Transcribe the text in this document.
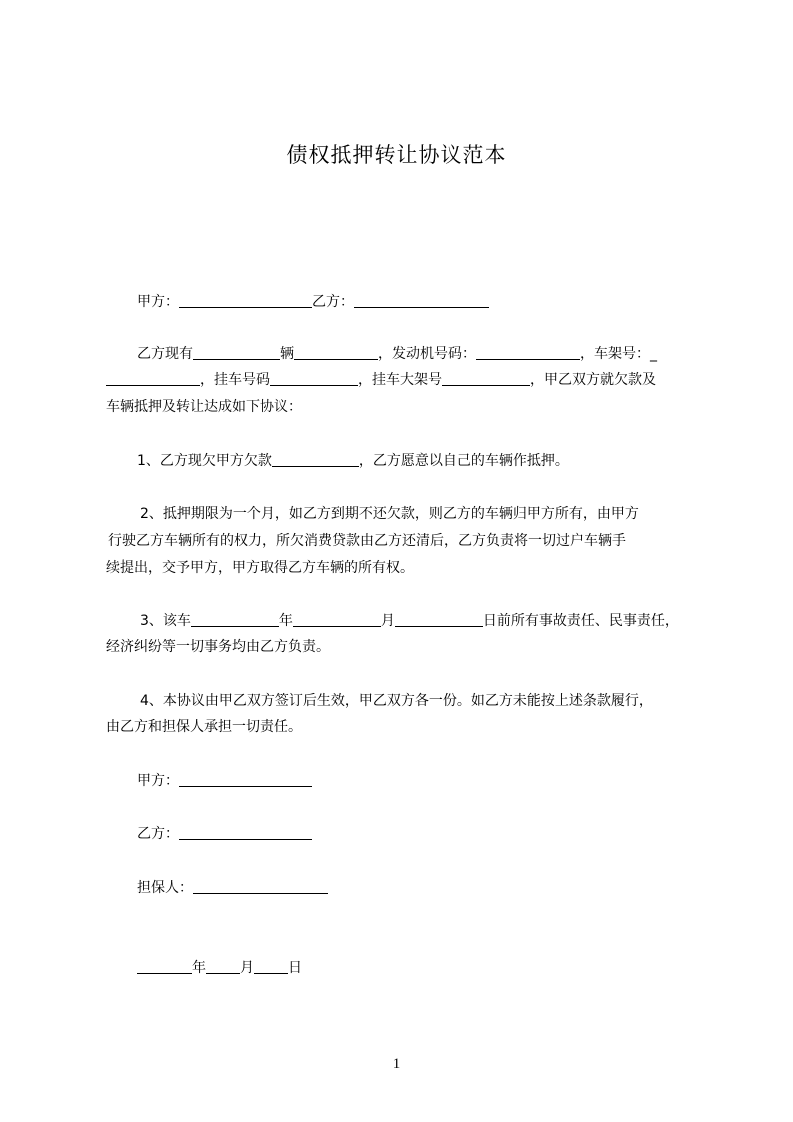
债权抵押转让协议范本
甲方：	乙方：
乙方现有	辆	，发动机号码：	，车架号：_
，挂车号码	，挂车大架号	，甲乙双方就欠款及
车辆抵押及转让达成如下协议：
1、乙方现欠甲方欠款	，乙方愿意以自己的车辆作抵押。
2、抵押期限为一个月，如乙方到期不还欠款，则乙方的车辆归甲方所有，由甲方
行驶乙方车辆所有的权力，所欠消费贷款由乙方还清后，乙方负责将一切过户车辆手
续提出，交予甲方，甲方取得乙方车辆的所有权。
3、该车	年	月	日前所有事故责任、民事责任，
经济纠纷等一切事务均由乙方负责。
4、本协议由甲乙双方签订后生效，甲乙双方各一份。如乙方未能按上述条款履行，
由乙方和担保人承担一切责任。
甲方：
乙方：
担保人：
年 月 日
1
